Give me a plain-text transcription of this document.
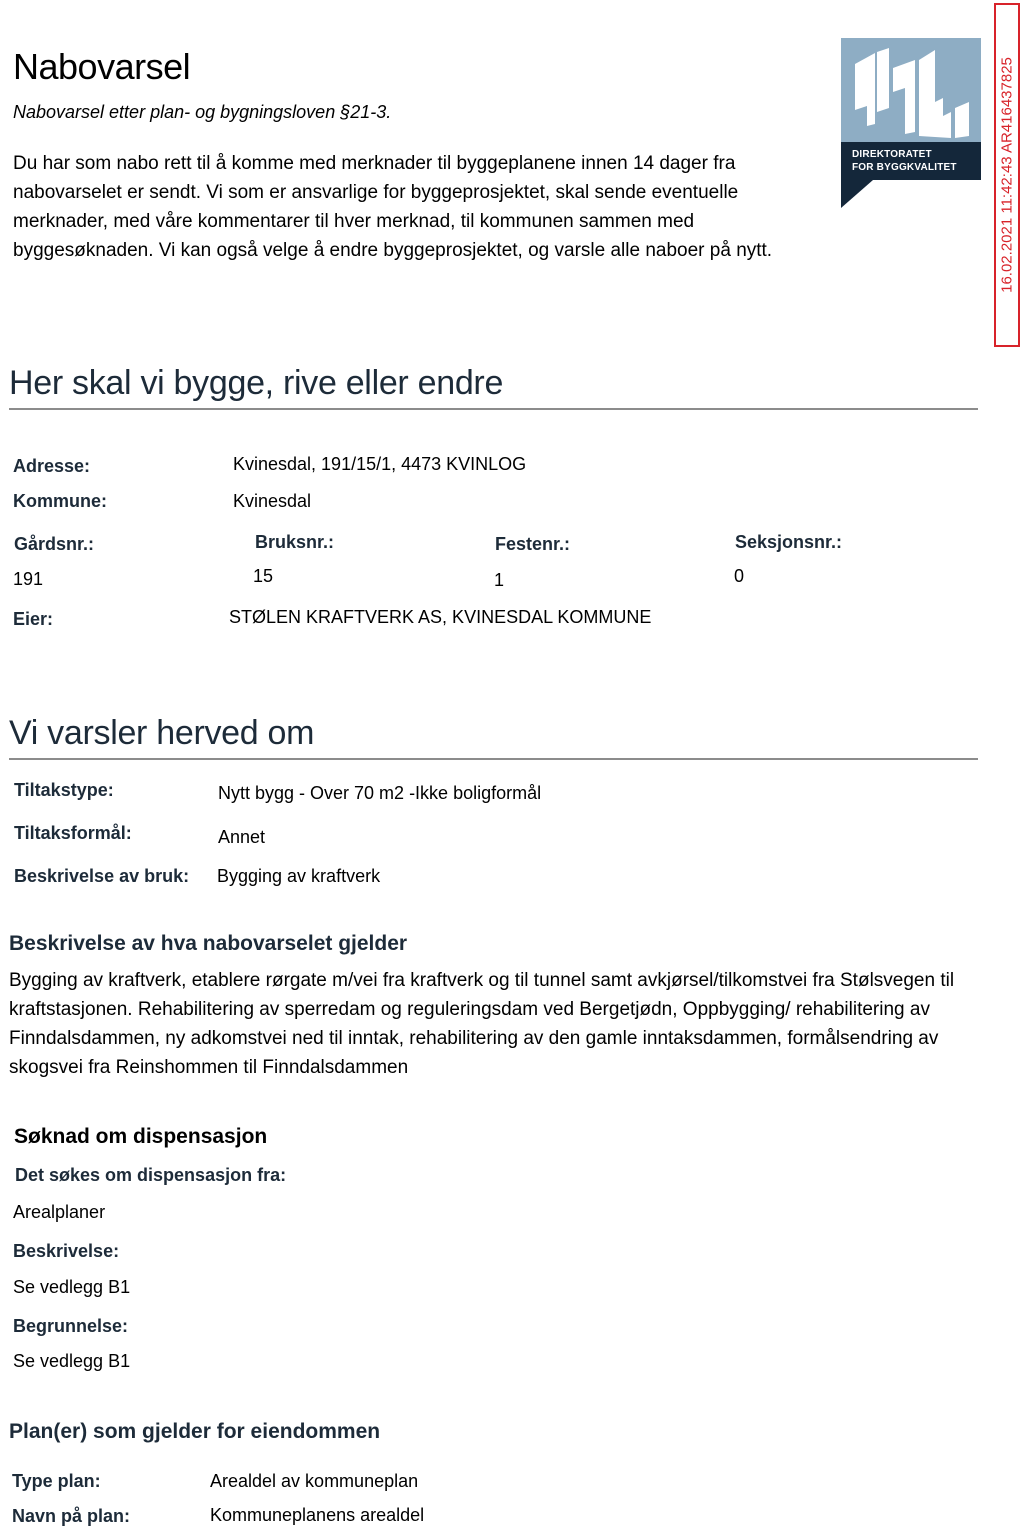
Nabovarsel
Nabovarsel etter plan- og bygningsloven §21-3.
Du har som nabo rett til å komme med merknader til byggeplanene innen 14 dager fra nabovarselet er sendt. Vi som er ansvarlige for byggeprosjektet, skal sende eventuelle merknader, med våre kommentarer til hver merknad, til kommunen sammen med byggesøknaden. Vi kan også velge å endre byggeprosjektet, og varsle alle naboer på nytt.
DIREKTORATET
FOR BYGGKVALITET	16.02.2021 11:42:43 AR416437825
Her skal vi bygge, rive eller endre
Adresse:	Kvinesdal, 191/15/1, 4473 KVINLOG
Kommune:	Kvinesdal
Gårdsnr.:
191
Bruksnr.:
15
Festenr.:
1
Seksjonsnr.:
0
Eier:	STØLEN KRAFTVERK AS, KVINESDAL KOMMUNE
Vi varsler herved om
Tiltakstype:	Nytt bygg - Over 70 m2 -Ikke boligformål
Tiltaksformål:	Annet
Beskrivelse av bruk: Bygging av kraftverk
Beskrivelse av hva nabovarselet gjelder
Bygging av kraftverk, etablere rørgate m/vei fra kraftverk og til tunnel samt avkjørsel/tilkomstvei fra Stølsvegen til kraftstasjonen. Rehabilitering av sperredam og reguleringsdam ved Bergetjødn, Oppbygging/ rehabilitering av Finndalsdammen, ny adkomstvei ned til inntak, rehabilitering av den gamle inntaksdammen, formålsendring av skogsvei fra Reinshommen til Finndalsdammen
Søknad om dispensasjon
Det søkes om dispensasjon fra:
Arealplaner
Beskrivelse:
Se vedlegg B1
Begrunnelse:
Se vedlegg B1
Plan(er) som gjelder for eiendommen
Type plan:	Arealdel av kommuneplan
Navn på plan:	Kommuneplanens arealdel
